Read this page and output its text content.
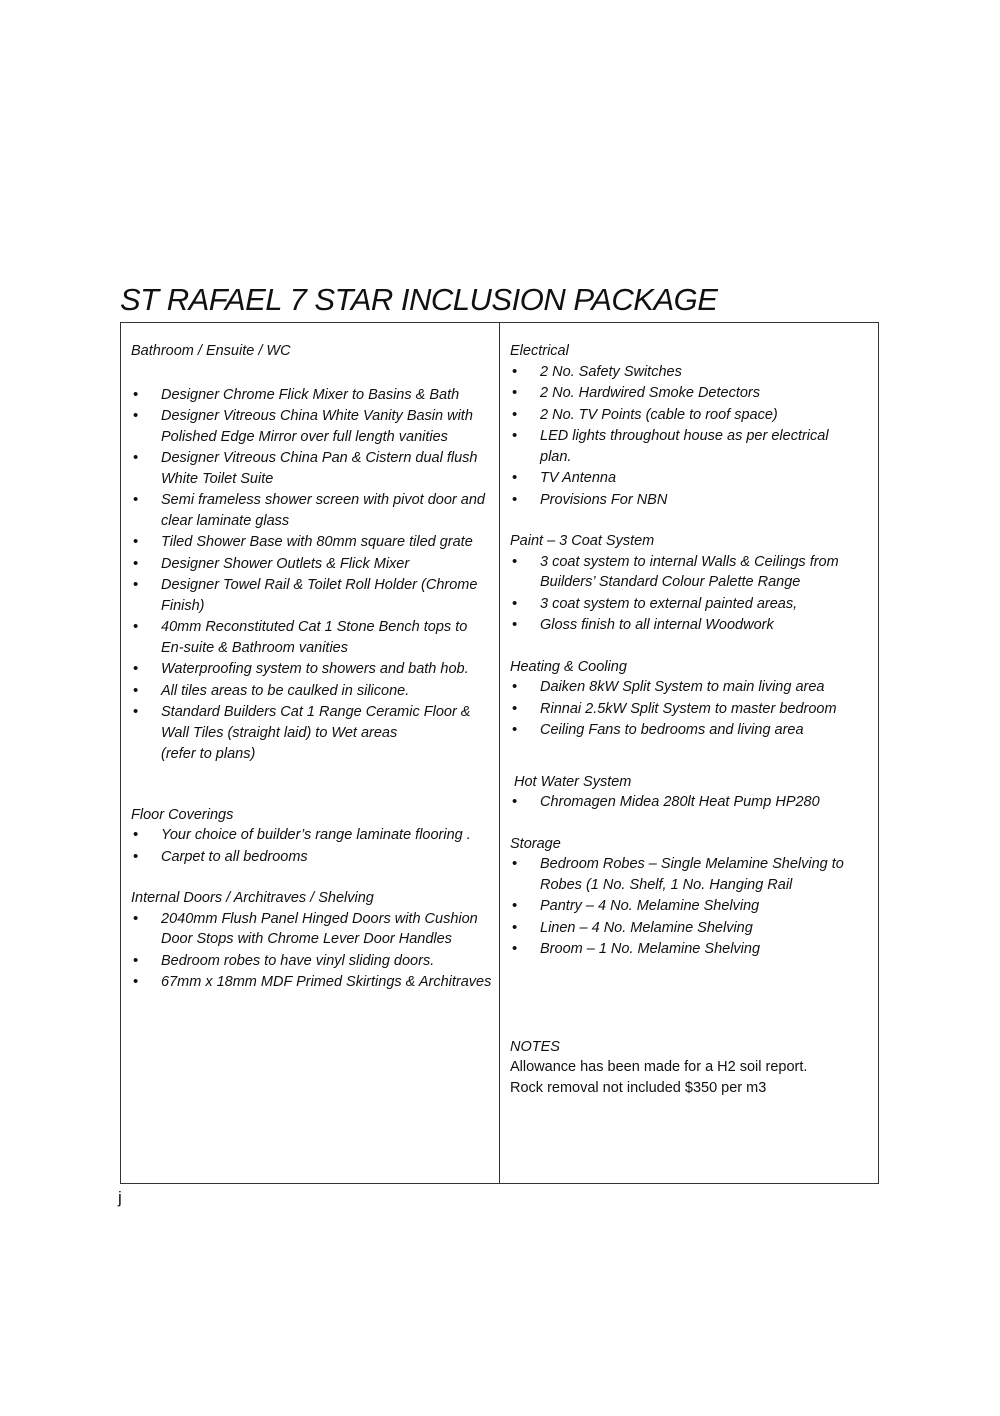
ST RAFAEL 7 STAR INCLUSION PACKAGE

Bathroom / Ensuite / WC

• Designer Chrome Flick Mixer to Basins & Bath
• Designer Vitreous China White Vanity Basin with Polished Edge Mirror over full length vanities
• Designer Vitreous China Pan & Cistern dual flush White Toilet Suite
• Semi frameless shower screen with pivot door and clear laminate glass
• Tiled Shower Base with 80mm square tiled grate
• Designer Shower Outlets & Flick Mixer
• Designer Towel Rail & Toilet Roll Holder (Chrome Finish)
• 40mm Reconstituted Cat 1 Stone Bench tops to En-suite & Bathroom vanities
• Waterproofing system to showers and bath hob.
• All tiles areas to be caulked in silicone.
• Standard Builders Cat 1 Range Ceramic Floor & Wall Tiles (straight laid) to Wet areas
(refer to plans)

Floor Coverings

• Your choice of builder’s range laminate flooring .
• Carpet to all bedrooms

Internal Doors / Architraves / Shelving

• 2040mm Flush Panel Hinged Doors with Cushion Door Stops with Chrome Lever Door Handles
• Bedroom robes to have vinyl sliding doors.
• 67mm x 18mm MDF Primed Skirtings & Architraves

Electrical

• 2 No. Safety Switches
• 2 No. Hardwired Smoke Detectors
• 2 No. TV Points (cable to roof space)
• LED lights throughout house as per electrical plan.
• TV Antenna
• Provisions For NBN

Paint – 3 Coat System

• 3 coat system to internal Walls & Ceilings from Builders’ Standard Colour Palette Range
• 3 coat system to external painted areas,
• Gloss finish to all internal Woodwork

Heating & Cooling

• Daiken 8kW Split System to main living area
• Rinnai 2.5kW Split System to master bedroom
• Ceiling Fans to bedrooms and living area

Hot Water System

• Chromagen Midea 280lt Heat Pump HP280

Storage

• Bedroom Robes – Single Melamine Shelving to Robes (1 No. Shelf, 1 No. Hanging Rail
• Pantry – 4 No. Melamine Shelving
• Linen – 4 No. Melamine Shelving
• Broom – 1 No. Melamine Shelving

NOTES

Allowance has been made for a H2 soil report.
Rock removal not included $350 per m3
j
